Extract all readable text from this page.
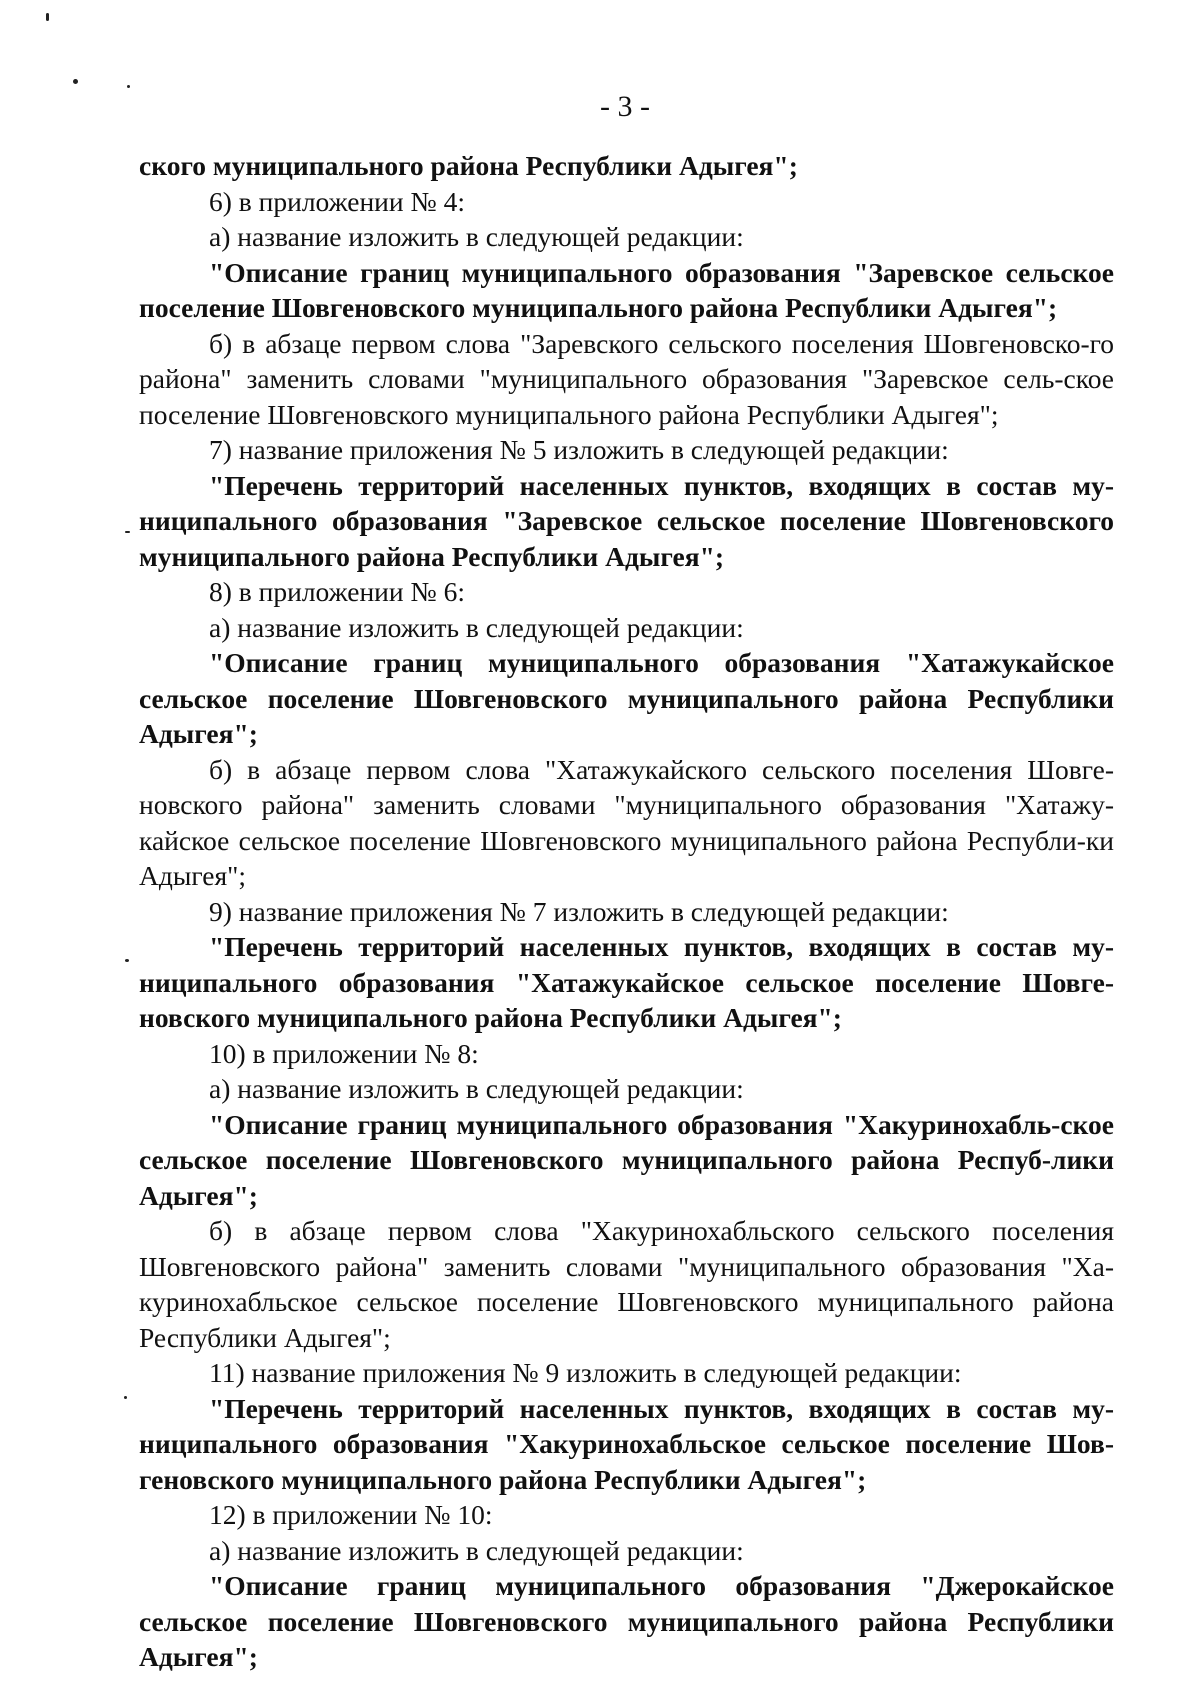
- 3 -

ского муниципального района Республики Адыгея";

6) в приложении № 4:

а) название изложить в следующей редакции:

"Описание границ муниципального образования "Заревское сельское поселение Шовгеновского муниципального района Республики Адыгея";

б) в абзаце первом слова "Заревского сельского поселения Шовгеновско-го района" заменить словами "муниципального образования "Заревское сель-ское поселение Шовгеновского муниципального района Республики Адыгея";

7) название приложения № 5 изложить в следующей редакции:

"Перечень территорий населенных пунктов, входящих в состав му-ниципального образования "Заревское сельское поселение Шовгеновского муниципального района Республики Адыгея";

8) в приложении № 6:

а) название изложить в следующей редакции:

"Описание границ муниципального образования "Хатажукайское сельское поселение Шовгеновского муниципального района Республики Адыгея";

б) в абзаце первом слова "Хатажукайского сельского поселения Шовге-новского района" заменить словами "муниципального образования "Хатажу-кайское сельское поселение Шовгеновского муниципального района Республи-ки Адыгея";

9) название приложения № 7 изложить в следующей редакции:

"Перечень территорий населенных пунктов, входящих в состав му-ниципального образования "Хатажукайское сельское поселение Шовге-новского муниципального района Республики Адыгея";

10) в приложении № 8:

а) название изложить в следующей редакции:

"Описание границ муниципального образования "Хакуринохабль-ское сельское поселение Шовгеновского муниципального района Респуб-лики Адыгея";

б) в абзаце первом слова "Хакуринохабльского сельского поселения Шовгеновского района" заменить словами "муниципального образования "Ха-куринохабльское сельское поселение Шовгеновского муниципального района Республики Адыгея";

11) название приложения № 9 изложить в следующей редакции:

"Перечень территорий населенных пунктов, входящих в состав му-ниципального образования "Хакуринохабльское сельское поселение Шов-геновского муниципального района Республики Адыгея";

12) в приложении № 10:

а) название изложить в следующей редакции:

"Описание границ муниципального образования "Джерокайское сельское поселение Шовгеновского муниципального района Республики Адыгея";
